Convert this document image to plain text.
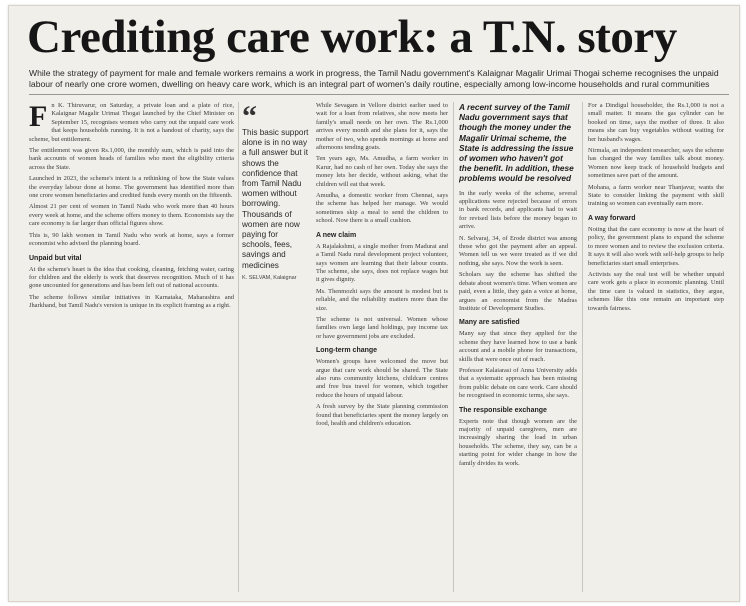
Crediting care work: a T.N. story
While the strategy of payment for male and female workers remains a work in progress, the Tamil Nadu government's Kalaignar Magalir Urimai Thogai scheme recognises the unpaid
labour of nearly one crore women, dwelling on heavy care work, which is an integral part of women's daily routine, especially among low-income households and rural communities

Fn K. Thiruvarur, on Saturday, a private loan and a plate of rice, Kalaignar Magalir Urimai Thogai launched by the Chief Minister on September 15, recognises women who carry out the unpaid care work that keeps households running. It is not a handout of charity, says the scheme, but entitlement.

The entitlement was given Rs.1,000, the monthly sum, which is paid into the bank accounts of women heads of families who meet the eligibility criteria across the State.

Launched in 2023, the scheme's intent is a rethinking of how the State values the everyday labour done at home. The government has identified more than one crore women beneficiaries and credited funds every month on the fifteenth.

Almost 21 per cent of women in Tamil Nadu who work more than 40 hours every week at home, and the scheme offers money to them. Economists say the care economy is far larger than official figures show.

This is, 90 lakh women in Tamil Nadu who work at home, says a former economist who advised the planning board.

Unpaid but vital

At the scheme's heart is the idea that cooking, cleaning, fetching water, caring for children and the elderly is work that deserves recognition. Much of it has gone uncounted for generations and has been left out of national accounts.

The scheme follows similar initiatives in Karnataka, Maharashtra and Jharkhand, but Tamil Nadu's version is unique in its explicit framing as a right.

“
This basic support alone is in no way a full answer but it shows the confidence that from Tamil Nadu women without borrowing. Thousands of women are now paying for schools, fees, savings and medicines
K. SELVAM, Kalaignar

While Sevagam in Vellore district earlier used to wait for a loan from relatives, she now meets her family's small needs on her own. The Rs.1,000 arrives every month and she plans for it, says the mother of two, who spends mornings at home and afternoons tending goats.

Ten years ago, Ms. Amudha, a farm worker in Karur, had no cash of her own. Today she says the money lets her decide, without asking, what the children will eat that week.

Amudha, a domestic worker from Chennai, says the scheme has helped her manage. We would sometimes skip a meal to send the children to school. Now there is a small cushion.

A new claim

A Rajalakshmi, a single mother from Madurai and a Tamil Nadu rural development project volunteer, says women are learning that their labour counts. The scheme, she says, does not replace wages but it gives dignity.

Ms. Thenmozhi says the amount is modest but is reliable, and the reliability matters more than the size.

The scheme is not universal. Women whose families own large land holdings, pay income tax or have government jobs are excluded.

Long-term change

Women's groups have welcomed the move but argue that care work should be shared. The State also runs community kitchens, childcare centres and free bus travel for women, which together reduce the hours of unpaid labour.

A fresh survey by the State planning commission found that beneficiaries spent the money largely on food, health and children's education.

A recent survey of the Tamil Nadu government says that though the money under the Magalir Urimai scheme, the State is addressing the issue of women who haven't got the benefit. In addition, these problems would be resolved

In the early weeks of the scheme, several applications were rejected because of errors in bank records, and applicants had to wait for revised lists before the money began to arrive.

N. Selvaraj, 34, of Erode district was among those who got the payment after an appeal. Women tell us we were treated as if we did nothing, she says. Now the work is seen.

Scholars say the scheme has shifted the debate about women's time. When women are paid, even a little, they gain a voice at home, argues an economist from the Madras Institute of Development Studies.

Many are satisfied

Many say that since they applied for the scheme they have learned how to use a bank account and a mobile phone for transactions, skills that were once out of reach.

Professor Kalaiarasi of Anna University adds that a systematic approach has been missing from public debate on care work. Care should be recognised in economic terms, she says.

The responsible exchange

Experts note that though women are the majority of unpaid caregivers, men are increasingly sharing the load in urban households. The scheme, they say, can be a starting point for wider change in how the family divides its work.

For a Dindigul householder, the Rs.1,000 is not a small matter. It means the gas cylinder can be booked on time, says the mother of three. It also means she can buy vegetables without waiting for her husband's wages.

Nirmala, an independent researcher, says the scheme has changed the way families talk about money. Women now keep track of household budgets and sometimes save part of the amount.

Mohana, a farm worker near Thanjavur, wants the State to consider linking the payment with skill training so women can eventually earn more.

A way forward

Noting that the care economy is now at the heart of policy, the government plans to expand the scheme to more women and to review the exclusion criteria. It says it will also work with self-help groups to help beneficiaries start small enterprises.

Activists say the real test will be whether unpaid care work gets a place in economic planning. Until the time care is valued in statistics, they argue, schemes like this one remain an important step towards fairness.
